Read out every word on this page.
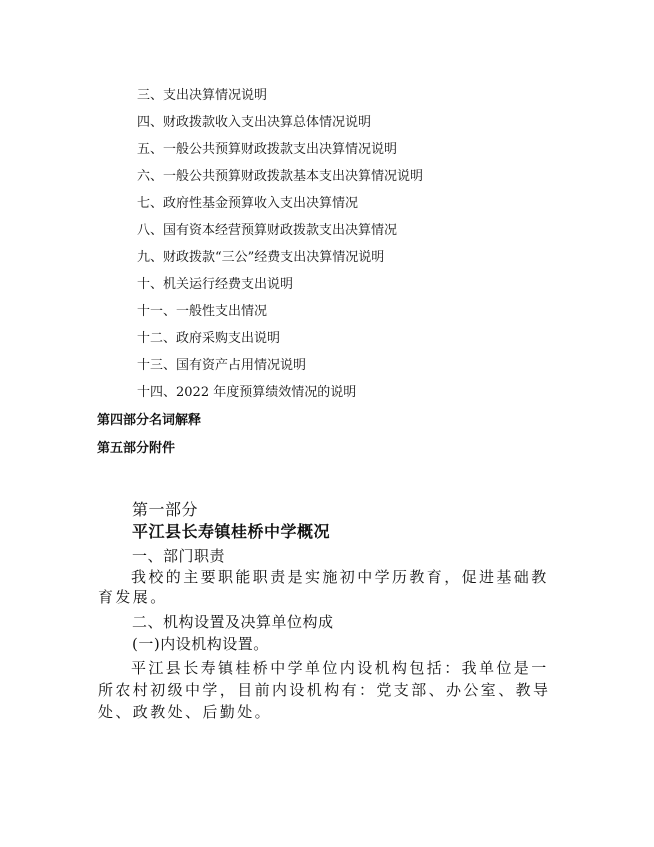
三、支出决算情况说明
四、财政拨款收入支出决算总体情况说明
五、一般公共预算财政拨款支出决算情况说明
六、一般公共预算财政拨款基本支出决算情况说明
七、政府性基金预算收入支出决算情况
八、国有资本经营预算财政拨款支出决算情况
九、财政拨款“三公”经费支出决算情况说明
十、机关运行经费支出说明
十一、一般性支出情况
十二、政府采购支出说明
十三、国有资产占用情况说明
十四、2022 年度预算绩效情况的说明
第四部分名词解释
第五部分附件
第一部分
平江县长寿镇桂桥中学概况
一、部门职责
我校的主要职能职责是实施初中学历教育，促进基础教育发展。
二、机构设置及决算单位构成
(一)内设机构设置。
平江县长寿镇桂桥中学单位内设机构包括：我单位是一所农村初级中学，目前内设机构有：党支部、办公室、教导处、政教处、后勤处。
